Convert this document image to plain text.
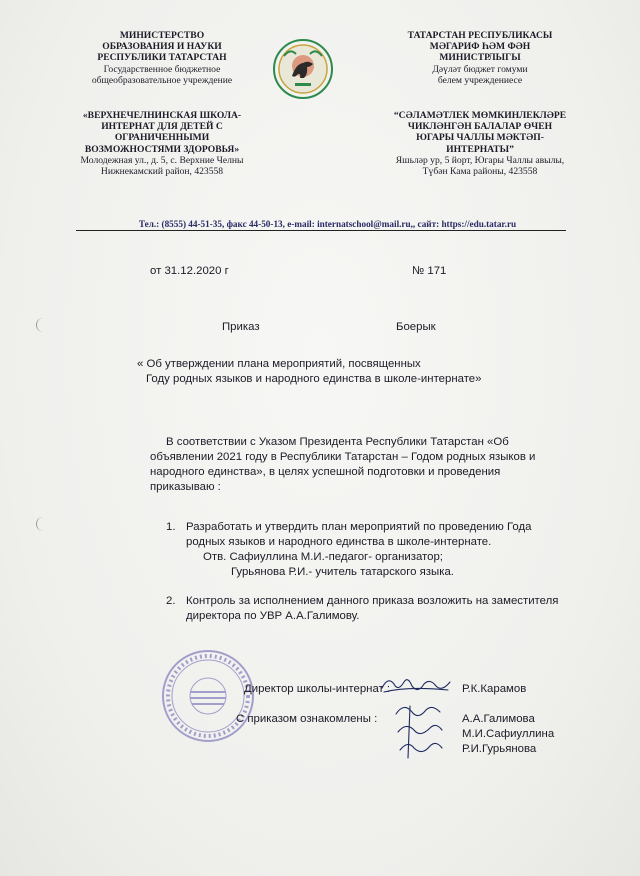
МИНИСТЕРСТВО
ОБРАЗОВАНИЯ И НАУКИ
РЕСПУБЛИКИ ТАТАРСТАН
Государственное бюджетное
общеобразовательное учреждение
«ВЕРХНЕЧЕЛНИНСКАЯ ШКОЛА-
ИНТЕРНАТ ДЛЯ ДЕТЕЙ С
ОГРАНИЧЕННЫМИ
ВОЗМОЖНОСТЯМИ ЗДОРОВЬЯ»
Молодежная ул., д. 5, с. Верхние Челны
Нижнекамский район, 423558
ТАТАРСТАН РЕСПУБЛИКАСЫ
МӘГАРИФ ҺӘМ ФӘН
МИНИСТРЛЫГЫ
Дәүләт бюджет гомуми
белем учреждениесе
“СӘЛАМӘТЛЕК МӨМКИНЛЕКЛӘРЕ
ЧИКЛӘНГӘН БАЛАЛАР ӨЧЕН
ЮГАРЫ ЧАЛЛЫ МӘКТӘП-
ИНТЕРНАТЫ”
Яшьләр ур, 5 йорт, Югары Чаллы авылы,
Түбән Кама районы, 423558
Тел.: (8555) 44-51-35, факс 44-50-13, e-mail: internatschool@mail.ru,, сайт: https://edu.tatar.ru
от 31.12.2020 г	№ 171
Приказ	Боерык
« Об утверждении плана мероприятий, посвященных
Году родных языков и народного единства в школе-интернате»
В соответствии с Указом Президента Республики Татарстан «Об
объявлении 2021 году в Республики Татарстан – Годом родных языков и
народного единства», в целях успешной подготовки и проведения
приказываю :
1. Разработать и утвердить план мероприятий по проведению Года
родных языков и народного единства в школе-интернате.
Отв. Сафиуллина М.И.-педагог- организатор;
Гурьянова Р.И.- учитель татарского языка.
2. Контроль за исполнением данного приказа возложить на заместителя
директора по УВР А.А.Галимову.
Директор школы-интернат :	Р.К.Карамов
С приказом ознакомлены :	А.А.Галимова
М.И.Сафиуллина
Р.И.Гурьянова
